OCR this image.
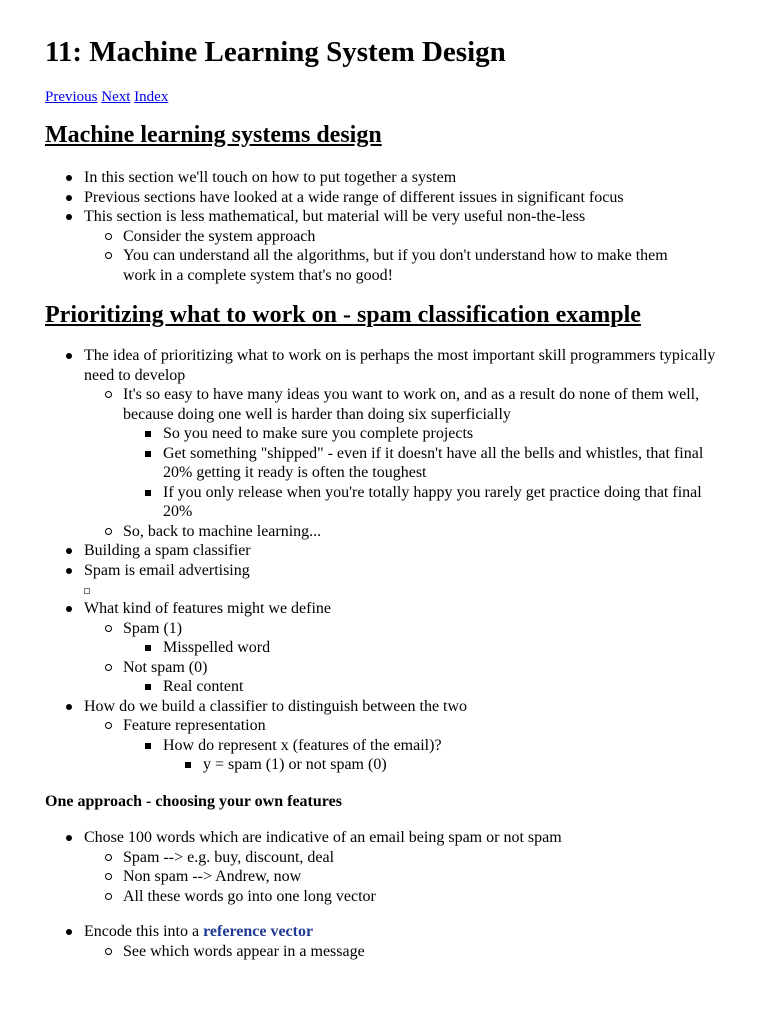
11: Machine Learning System Design
Previous Next Index
Machine learning systems design
In this section we'll touch on how to put together a system
Previous sections have looked at a wide range of different issues in significant focus
This section is less mathematical, but material will be very useful non-the-less
Consider the system approach
You can understand all the algorithms, but if you don't understand how to make them work in a complete system that's no good!
Prioritizing what to work on - spam classification example
The idea of prioritizing what to work on is perhaps the most important skill programmers typically need to develop
It's so easy to have many ideas you want to work on, and as a result do none of them well, because doing one well is harder than doing six superficially
So you need to make sure you complete projects
Get something "shipped" - even if it doesn't have all the bells and whistles, that final 20% getting it ready is often the toughest
If you only release when you're totally happy you rarely get practice doing that final 20%
So, back to machine learning...
Building a spam classifier
Spam is email advertising
What kind of features might we define
Spam (1)
Misspelled word
Not spam (0)
Real content
How do we build a classifier to distinguish between the two
Feature representation
How do represent x (features of the email)?
y = spam (1) or not spam (0)
One approach - choosing your own features
Chose 100 words which are indicative of an email being spam or not spam
Spam --> e.g. buy, discount, deal
Non spam --> Andrew, now
All these words go into one long vector
Encode this into a reference vector
See which words appear in a message
